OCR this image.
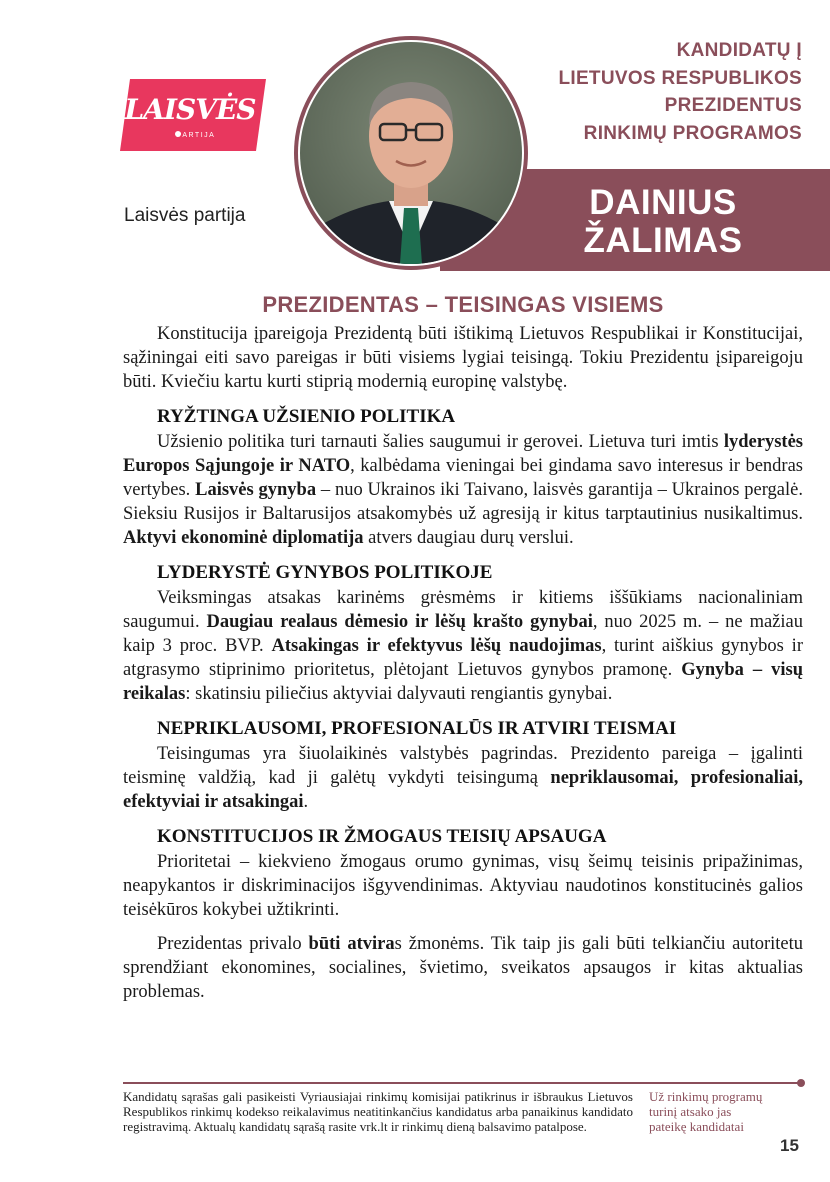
LAISVĖS
PARTIJA
Laisvės partija
KANDIDATŲ Į
LIETUVOS RESPUBLIKOS
PREZIDENTUS
RINKIMŲ PROGRAMOS
DAINIUS
ŽALIMAS
PREZIDENTAS – TEISINGAS VISIEMS

Konstitucija įpareigoja Prezidentą būti ištikimą Lietuvos Respublikai ir Konstitucijai, sąžiningai eiti savo pareigas ir būti visiems lygiai teisingą. Tokiu Prezidentu įsipareigoju būti. Kviečiu kartu kurti stiprią modernią europinę valstybę.

RYŽTINGA UŽSIENIO POLITIKA

Užsienio politika turi tarnauti šalies saugumui ir gerovei. Lietuva turi imtis lyderystės Europos Sąjungoje ir NATO, kalbėdama vieningai bei gindama savo interesus ir bendras vertybes. Laisvės gynyba – nuo Ukrainos iki Taivano, laisvės garantija – Ukrainos pergalė. Sieksiu Rusijos ir Baltarusijos atsakomybės už agresiją ir kitus tarptautinius nusikaltimus. Aktyvi ekonominė diplomatija atvers daugiau durų verslui.

LYDERYSTĖ GYNYBOS POLITIKOJE

Veiksmingas atsakas karinėms grėsmėms ir kitiems iššūkiams nacionaliniam saugumui. Daugiau realaus dėmesio ir lėšų krašto gynybai, nuo 2025 m. – ne mažiau kaip 3 proc. BVP. Atsakingas ir efektyvus lėšų naudojimas, turint aiškius gynybos ir atgrasymo stiprinimo prioritetus, plėtojant Lietuvos gynybos pramonę. Gynyba – visų reikalas: skatinsiu piliečius aktyviai dalyvauti rengiantis gynybai.

NEPRIKLAUSOMI, PROFESIONALŪS IR ATVIRI TEISMAI

Teisingumas yra šiuolaikinės valstybės pagrindas. Prezidento pareiga – įgalinti teisminę valdžią, kad ji galėtų vykdyti teisingumą nepriklausomai, profesionaliai, efektyviai ir atsakingai.

KONSTITUCIJOS IR ŽMOGAUS TEISIŲ APSAUGA

Prioritetai – kiekvieno žmogaus orumo gynimas, visų šeimų teisinis pripažinimas, neapykantos ir diskriminacijos išgyvendinimas. Aktyviau naudotinos konstitucinės galios teisėkūros kokybei užtikrinti.

Prezidentas privalo būti atviras žmonėms. Tik taip jis gali būti telkiančiu autoritetu sprendžiant ekonomines, socialines, švietimo, sveikatos apsaugos ir kitas aktualias problemas.

Kandidatų sąrašas gali pasikeisti Vyriausiajai rinkimų komisijai patikrinus ir išbraukus Lietuvos Respublikos rinkimų kodekso reikalavimus neatitinkančius kandidatus arba panaikinus kandidato registravimą. Aktualų kandidatų sąrašą rasite vrk.lt ir rinkimų dieną balsavimo patalpose.
Už rinkimų programų turinį atsako jas pateikę kandidatai
15
